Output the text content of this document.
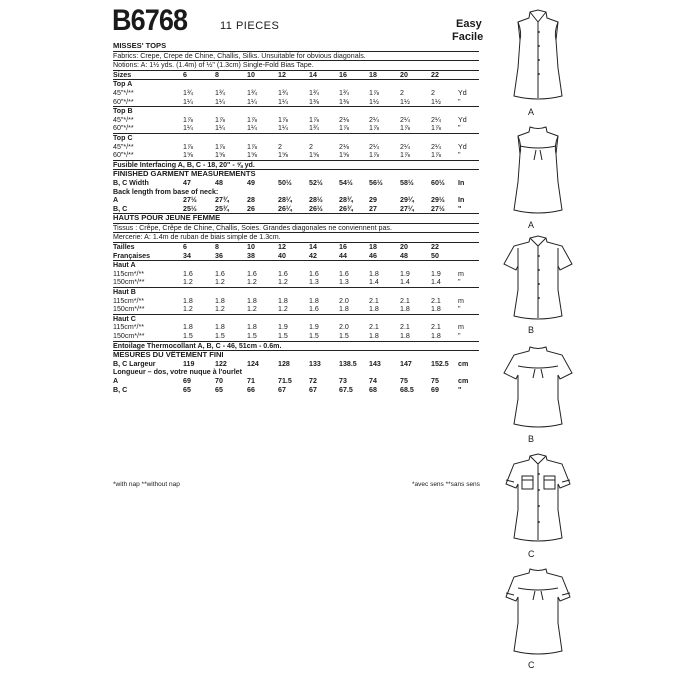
B6768	11 PIECES	Easy
Facile
MISSES' TOPS
Fabrics: Crepe, Crepe de Chine, Challis, Silks. Unsuitable for obvious diagonals.
Notions: A: 1½ yds. (1.4m) of ½" (1.3cm) Single-Fold Bias Tape.
Sizes	6	8	10	12	14	16	18	20	22
Top A
45"*/**	1¾	1¾	1¾	1¾	1¾	1¾	1⅞	2	2	Yd
60"*/**	1¼	1¼	1¼	1¼	1⅜	1⅜	1½	1½	1½ "
Top B
45"*/**	1⅞	1⅞	1⅞	1⅞	1⅞	2⅛	2¼	2¼	2¼ Yd
60"*/**	1¼	1¼	1¼	1¼	1¾	1⅞	1⅞	1⅞	1⅞ "
Top C
45"*/**	1⅞	1⅞	1⅞	2	2	2⅛	2¼	2¼	2¼ Yd
60"*/**	1⅝	1⅝	1⅝	1⅝	1⅝	1⅝	1⅞	1⅞	1⅞ "
Fusible Interfacing A, B, C - 18, 20" - ⅝ yd.
FINISHED GARMENT MEASUREMENTS
B, C Width	47	48	49	50½ 52½ 54½ 56½ 58½ 60½ In
Back length from base of neck:
A	27½	27¾	28	28¼ 28½ 28¾ 29	29¼ 29½ In
B, C	25½	25¾	26	26¼ 26½ 26¾ 27	27¼ 27½ "
HAUTS POUR JEUNE FEMME
Tissus : Crêpe, Crêpe de Chine, Challis, Soies. Grandes diagonales ne conviennent pas.
Mercerie: A: 1.4m de ruban de biais simple de 1.3cm.
Tailles	6	8	10	12	14	16	18	20	22
Françaises	34	36	38	40	42	44	46	48	50
Haut A
115cm*/**	1.6	1.6	1.6	1.6	1.6	1.6	1.8	1.9	1.9 m
150cm*/**	1.2	1.2	1.2	1.2	1.3	1.3	1.4	1.4	1.4 "
Haut B
115cm*/**	1.8	1.8	1.8	1.8	1.8	2.0	2.1	2.1	2.1 m
150cm*/**	1.2	1.2	1.2	1.2	1.6	1.8	1.8	1.8	1.8 "
Haut C
115cm*/**	1.8	1.8	1.8	1.9	1.9	2.0	2.1	2.1	2.1 m
150cm*/**	1.5	1.5	1.5	1.5	1.5	1.5	1.8	1.8	1.8 "
Entoilage Thermocollant A, B, C - 46, 51cm - 0.6m.
MESURES DU VÊTEMENT FINI
B, C Largeur	119	122	124	128	133	138.5 143	147	152.5 cm
Longueur – dos, votre nuque à l'ourlet
A	69	70	71	71.5 72	73	74	75	75	cm
B, C	65	65	66	67	67	67.5 68	68.5 69	"
*with nap **without nap	*avec sens **sans sens
A
A
B
B
C
C
